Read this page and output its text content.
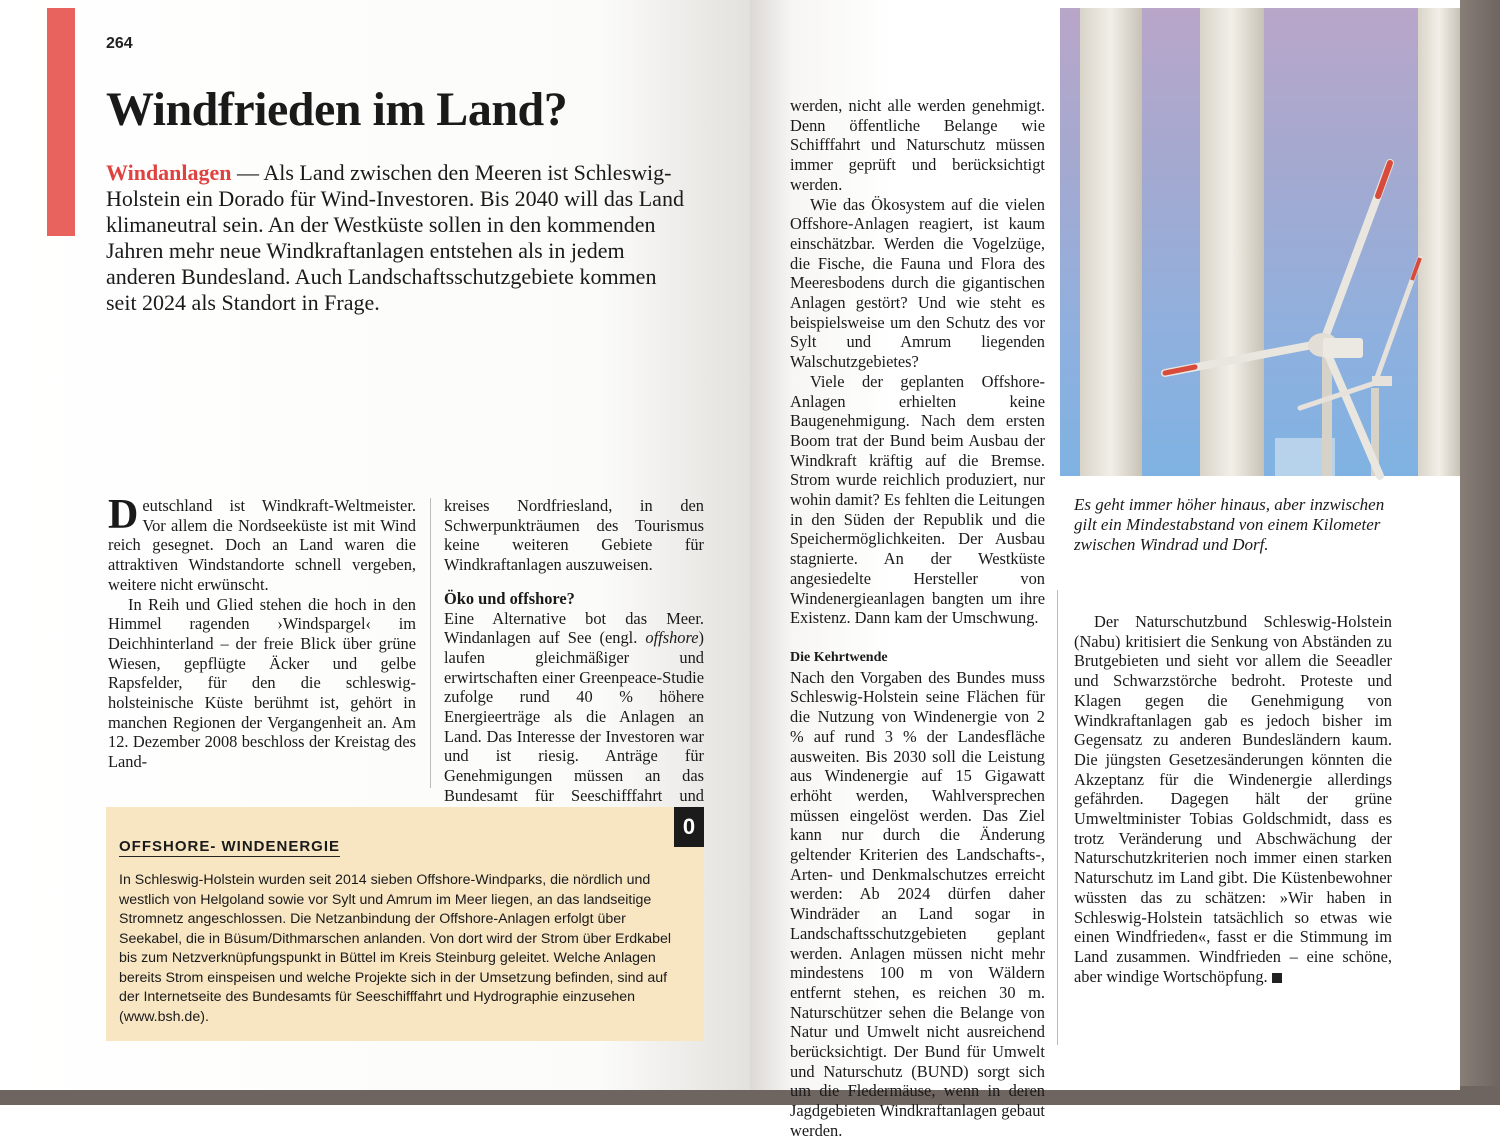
264
Windfrieden im Land?

Windanlagen — Als Land zwischen den Meeren ist Schleswig-Holstein ein Dorado für Wind-Investoren. Bis 2040 will das Land klimaneutral sein. An der Westküste sollen in den kommenden Jahren mehr neue Windkraftanlagen entstehen als in jedem anderen Bundesland. Auch Landschaftsschutzgebiete kommen seit 2024 als Standort in Frage.

Deutschland ist Windkraft-Weltmeister. Vor allem die Nordseeküste ist mit Wind reich gesegnet. Doch an Land waren die attraktiven Windstandorte schnell vergeben, weitere nicht erwünscht.

In Reih und Glied stehen die hoch in den Himmel ragenden ›Windspargel‹ im Deichhinterland – der freie Blick über grüne Wiesen, gepflügte Äcker und gelbe Rapsfelder, für den die schleswig-holsteinische Küste berühmt ist, gehört in manchen Regionen der Vergangenheit an. Am 12. Dezember 2008 beschloss der Kreistag des Land-

kreises Nordfriesland, in den Schwerpunkträumen des Tourismus keine weiteren Gebiete für Windkraftanlagen auszuweisen.

Öko und offshore?

Eine Alternative bot das Meer. Windanlagen auf See (engl. offshore) laufen gleichmäßiger und erwirtschaften einer Greenpeace-Studie zufolge rund 40 % höhere Energieerträge als die Anlagen an Land. Das Interesse der Investoren war und ist riesig. Anträge für Genehmigungen müssen an das Bundesamt für Seeschifffahrt und

0
OFFSHORE- WINDENERGIE

In Schleswig-Holstein wurden seit 2014 sieben Offshore-Windparks, die nördlich und westlich von Helgoland sowie vor Sylt und Amrum im Meer liegen, an das landseitige Stromnetz angeschlossen. Die Netzanbindung der Offshore-Anlagen erfolgt über Seekabel, die in Büsum/Dithmarschen anlanden. Von dort wird der Strom über Erdkabel bis zum Netzverknüpfungspunkt in Büttel im Kreis Steinburg geleitet. Welche Anlagen bereits Strom einspeisen und welche Projekte sich in der Umsetzung befinden, sind auf der Internetseite des Bundesamts für Seeschifffahrt und Hydrographie einzusehen (www.bsh.de).

werden, nicht alle werden genehmigt. Denn öffentliche Belange wie Schifffahrt und Naturschutz müssen immer geprüft und berücksichtigt werden.

Wie das Ökosystem auf die vielen Offshore-Anlagen reagiert, ist kaum einschätzbar. Werden die Vogelzüge, die Fische, die Fauna und Flora des Meeresbodens durch die gigantischen Anlagen gestört? Und wie steht es beispielsweise um den Schutz des vor Sylt und Amrum liegenden Walschutzgebietes?

Viele der geplanten Offshore-Anlagen erhielten keine Baugenehmigung. Nach dem ersten Boom trat der Bund beim Ausbau der Windkraft kräftig auf die Bremse. Strom wurde reichlich produziert, nur wohin damit? Es fehlten die Leitungen in den Süden der Republik und die Speichermöglichkeiten. Der Ausbau stagnierte. An der Westküste angesiedelte Hersteller von Windenergieanlagen bangten um ihre Existenz. Dann kam der Umschwung.

Die Kehrtwende

Nach den Vorgaben des Bundes muss Schleswig-Holstein seine Flächen für die Nutzung von Windenergie von 2 % auf rund 3 % der Landesfläche ausweiten. Bis 2030 soll die Leistung aus Windenergie auf 15 Gigawatt erhöht werden, Wahlversprechen müssen eingelöst werden. Das Ziel kann nur durch die Änderung geltender Kriterien des Landschafts-, Arten- und Denkmalschutzes erreicht werden: Ab 2024 dürfen daher Windräder an Land sogar in Landschaftsschutzgebieten geplant werden. Anlagen müssen nicht mehr mindestens 100 m von Wäldern entfernt stehen, es reichen 30 m. Naturschützer sehen die Belange von Natur und Umwelt nicht ausreichend berücksichtigt. Der Bund für Umwelt und Naturschutz (BUND) sorgt sich um die Fledermäuse, wenn in deren Jagdgebieten Windkraftanlagen gebaut werden.

Es geht immer höher hinaus, aber inzwischen gilt ein Mindestabstand von einem Kilometer zwischen Windrad und Dorf.

Der Naturschutzbund Schleswig-Holstein (Nabu) kritisiert die Senkung von Abständen zu Brutgebieten und sieht vor allem die Seeadler und Schwarzstörche bedroht. Proteste und Klagen gegen die Genehmigung von Windkraftanlagen gab es jedoch bisher im Gegensatz zu anderen Bundesländern kaum. Die jüngsten Gesetzesänderungen könnten die Akzeptanz für die Windenergie allerdings gefährden. Dagegen hält der grüne Umweltminister Tobias Goldschmidt, dass es trotz Veränderung und Abschwächung der Naturschutzkriterien noch immer einen starken Naturschutz im Land gibt. Die Küstenbewohner wüssten das zu schätzen: »Wir haben in Schleswig-Holstein tatsächlich so etwas wie einen Windfrieden«, fasst er die Stimmung im Land zusammen. Windfrieden – eine schöne, aber windige Wortschöpfung.
